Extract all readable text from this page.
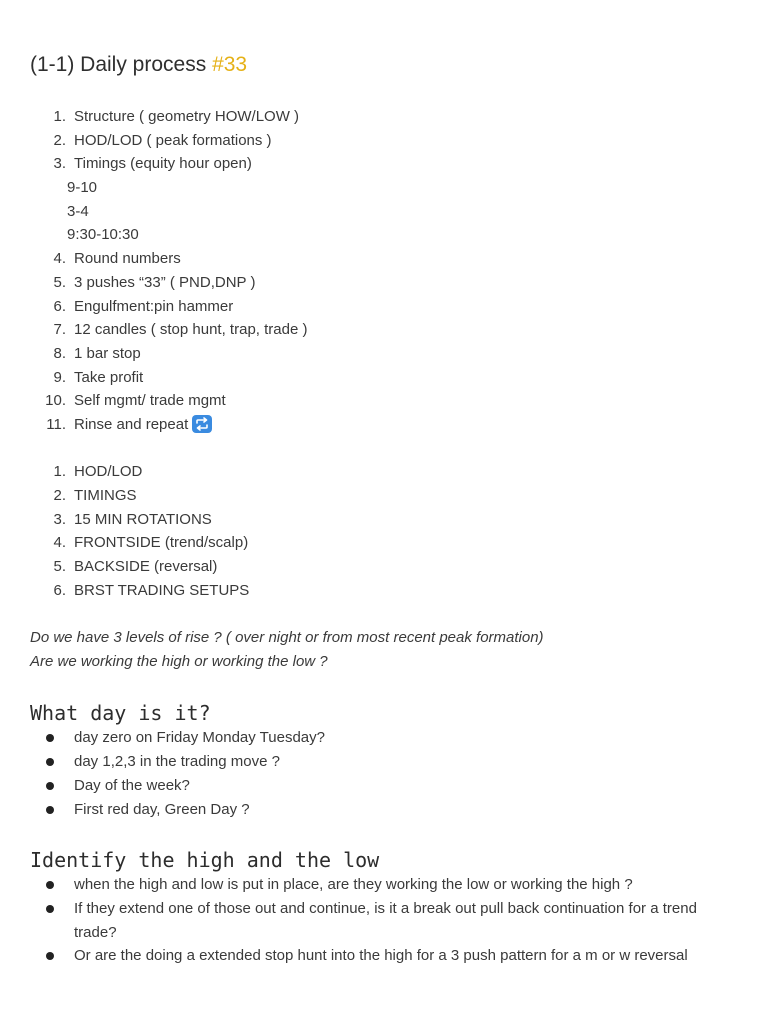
(1-1) Daily process #33
1. Structure ( geometry HOW/LOW )
2. HOD/LOD ( peak formations )
3. Timings (equity hour open)
9-10
3-4
9:30-10:30
4. Round numbers
5. 3 pushes “33” ( PND,DNP )
6. Engulfment:pin hammer
7. 12 candles ( stop hunt, trap, trade )
8. 1 bar stop
9. Take profit
10. Self mgmt/ trade mgmt
11. Rinse and repeat
1. HOD/LOD
2. TIMINGS
3. 15 MIN ROTATIONS
4. FRONTSIDE (trend/scalp)
5. BACKSIDE (reversal)
6. BRST TRADING SETUPS
Do we have 3 levels of rise ? ( over night or from most recent peak formation)
Are we working the high or working the low ?
What day is it?
day zero on Friday Monday Tuesday?
day 1,2,3 in the trading move ?
Day of the week?
First red day, Green Day ?
Identify the high and the low
when the high and low is put in place, are they working the low or working the high ?
If they extend one of those out and continue, is it a break out pull back continuation for a trend trade?
Or are the doing a extended stop hunt into the high for a 3 push pattern for a m or w reversal
